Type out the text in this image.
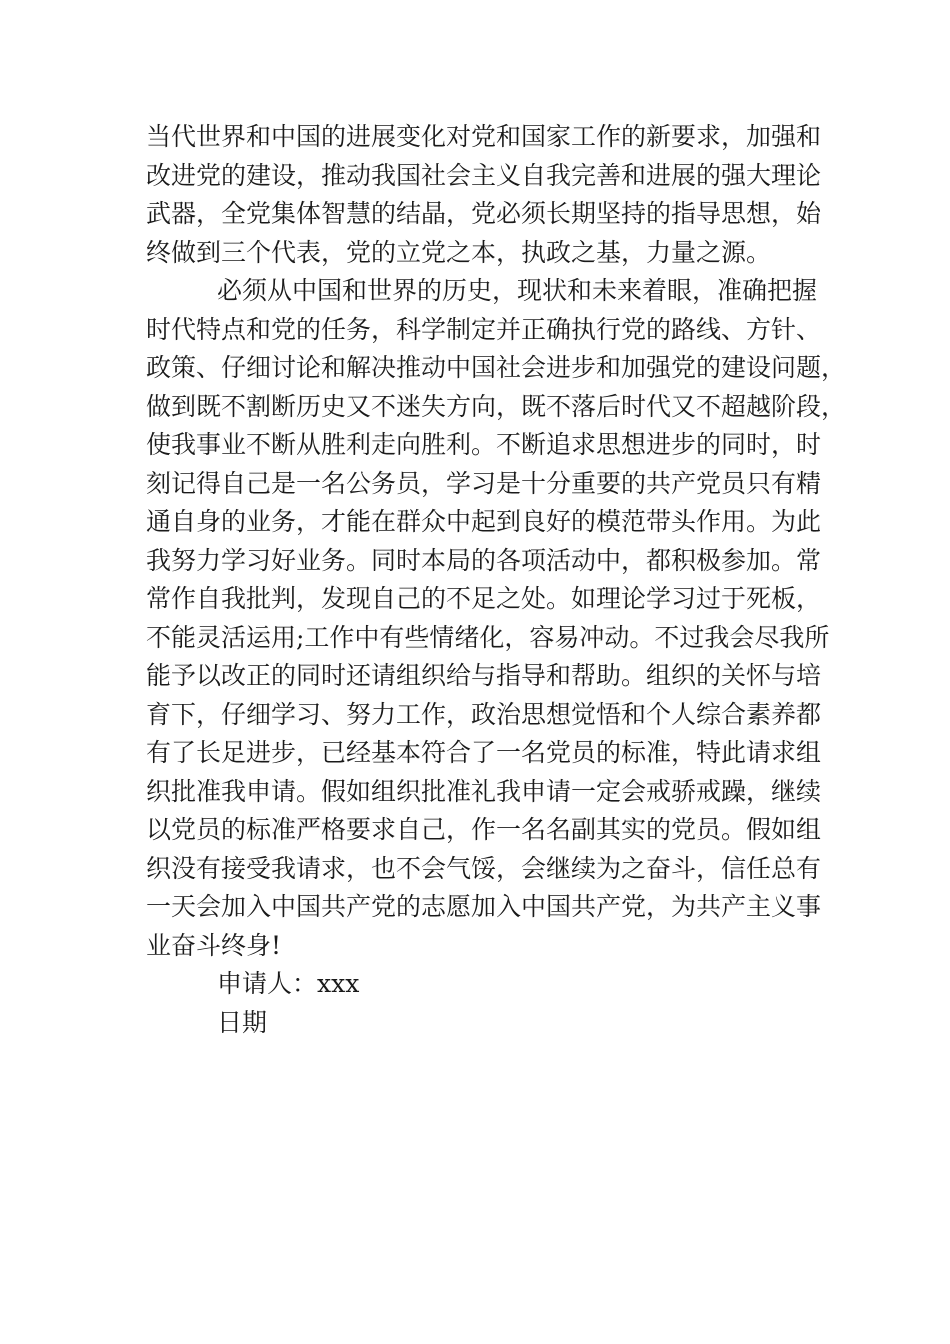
当代世界和中国的进展变化对党和国家工作的新要求，加强和
改进党的建设，推动我国社会主义自我完善和进展的强大理论
武器，全党集体智慧的结晶，党必须长期坚持的指导思想，始
终做到三个代表，党的立党之本，执政之基，力量之源。
必须从中国和世界的历史，现状和未来着眼，准确把握
时代特点和党的任务，科学制定并正确执行党的路线、方针、
政策、仔细讨论和解决推动中国社会进步和加强党的建设问题，
做到既不割断历史又不迷失方向，既不落后时代又不超越阶段，
使我事业不断从胜利走向胜利。不断追求思想进步的同时，时
刻记得自己是一名公务员，学习是十分重要的共产党员只有精
通自身的业务，才能在群众中起到良好的模范带头作用。为此
我努力学习好业务。同时本局的各项活动中，都积极参加。常
常作自我批判，发现自己的不足之处。如理论学习过于死板，
不能灵活运用;工作中有些情绪化，容易冲动。不过我会尽我所
能予以改正的同时还请组织给与指导和帮助。组织的关怀与培
育下，仔细学习、努力工作，政治思想觉悟和个人综合素养都
有了长足进步，已经基本符合了一名党员的标准，特此请求组
织批准我申请。假如组织批准礼我申请一定会戒骄戒躁，继续
以党员的标准严格要求自己，作一名名副其实的党员。假如组
织没有接受我请求，也不会气馁，会继续为之奋斗，信任总有
一天会加入中国共产党的志愿加入中国共产党，为共产主义事
业奋斗终身!
申请人：xxx
日期
